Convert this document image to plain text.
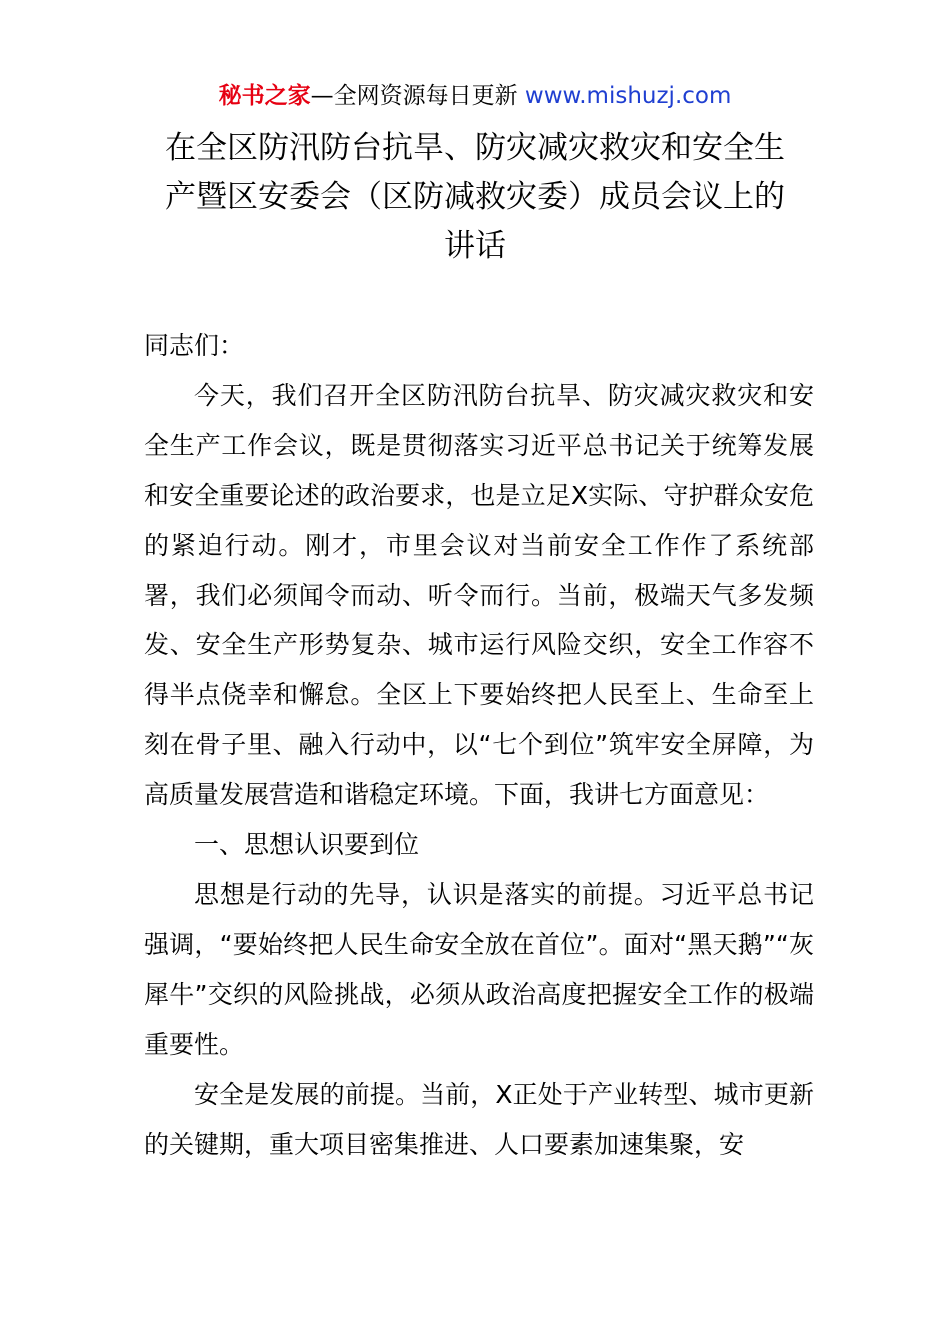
秘书之家—全网资源每日更新 www.mishuzj.com
在全区防汛防台抗旱、防灾减灾救灾和安全生
产暨区安委会（区防减救灾委）成员会议上的
讲话

同志们：

今天，我们召开全区防汛防台抗旱、防灾减灾救灾和安全生产工作会议，既是贯彻落实习近平总书记关于统筹发展和安全重要论述的政治要求，也是立足X实际、守护群众安危的紧迫行动。刚才，市里会议对当前安全工作作了系统部署，我们必须闻令而动、听令而行。当前，极端天气多发频发、安全生产形势复杂、城市运行风险交织，安全工作容不得半点侥幸和懈怠。全区上下要始终把人民至上、生命至上刻在骨子里、融入行动中，以“七个到位”筑牢安全屏障，为高质量发展营造和谐稳定环境。下面，我讲七方面意见：

一、思想认识要到位

思想是行动的先导，认识是落实的前提。习近平总书记强调，“要始终把人民生命安全放在首位”。面对“黑天鹅”“灰犀牛”交织的风险挑战，必须从政治高度把握安全工作的极端重要性。

安全是发展的前提。当前，X正处于产业转型、城市更新的关键期，重大项目密集推进、人口要素加速集聚，安
